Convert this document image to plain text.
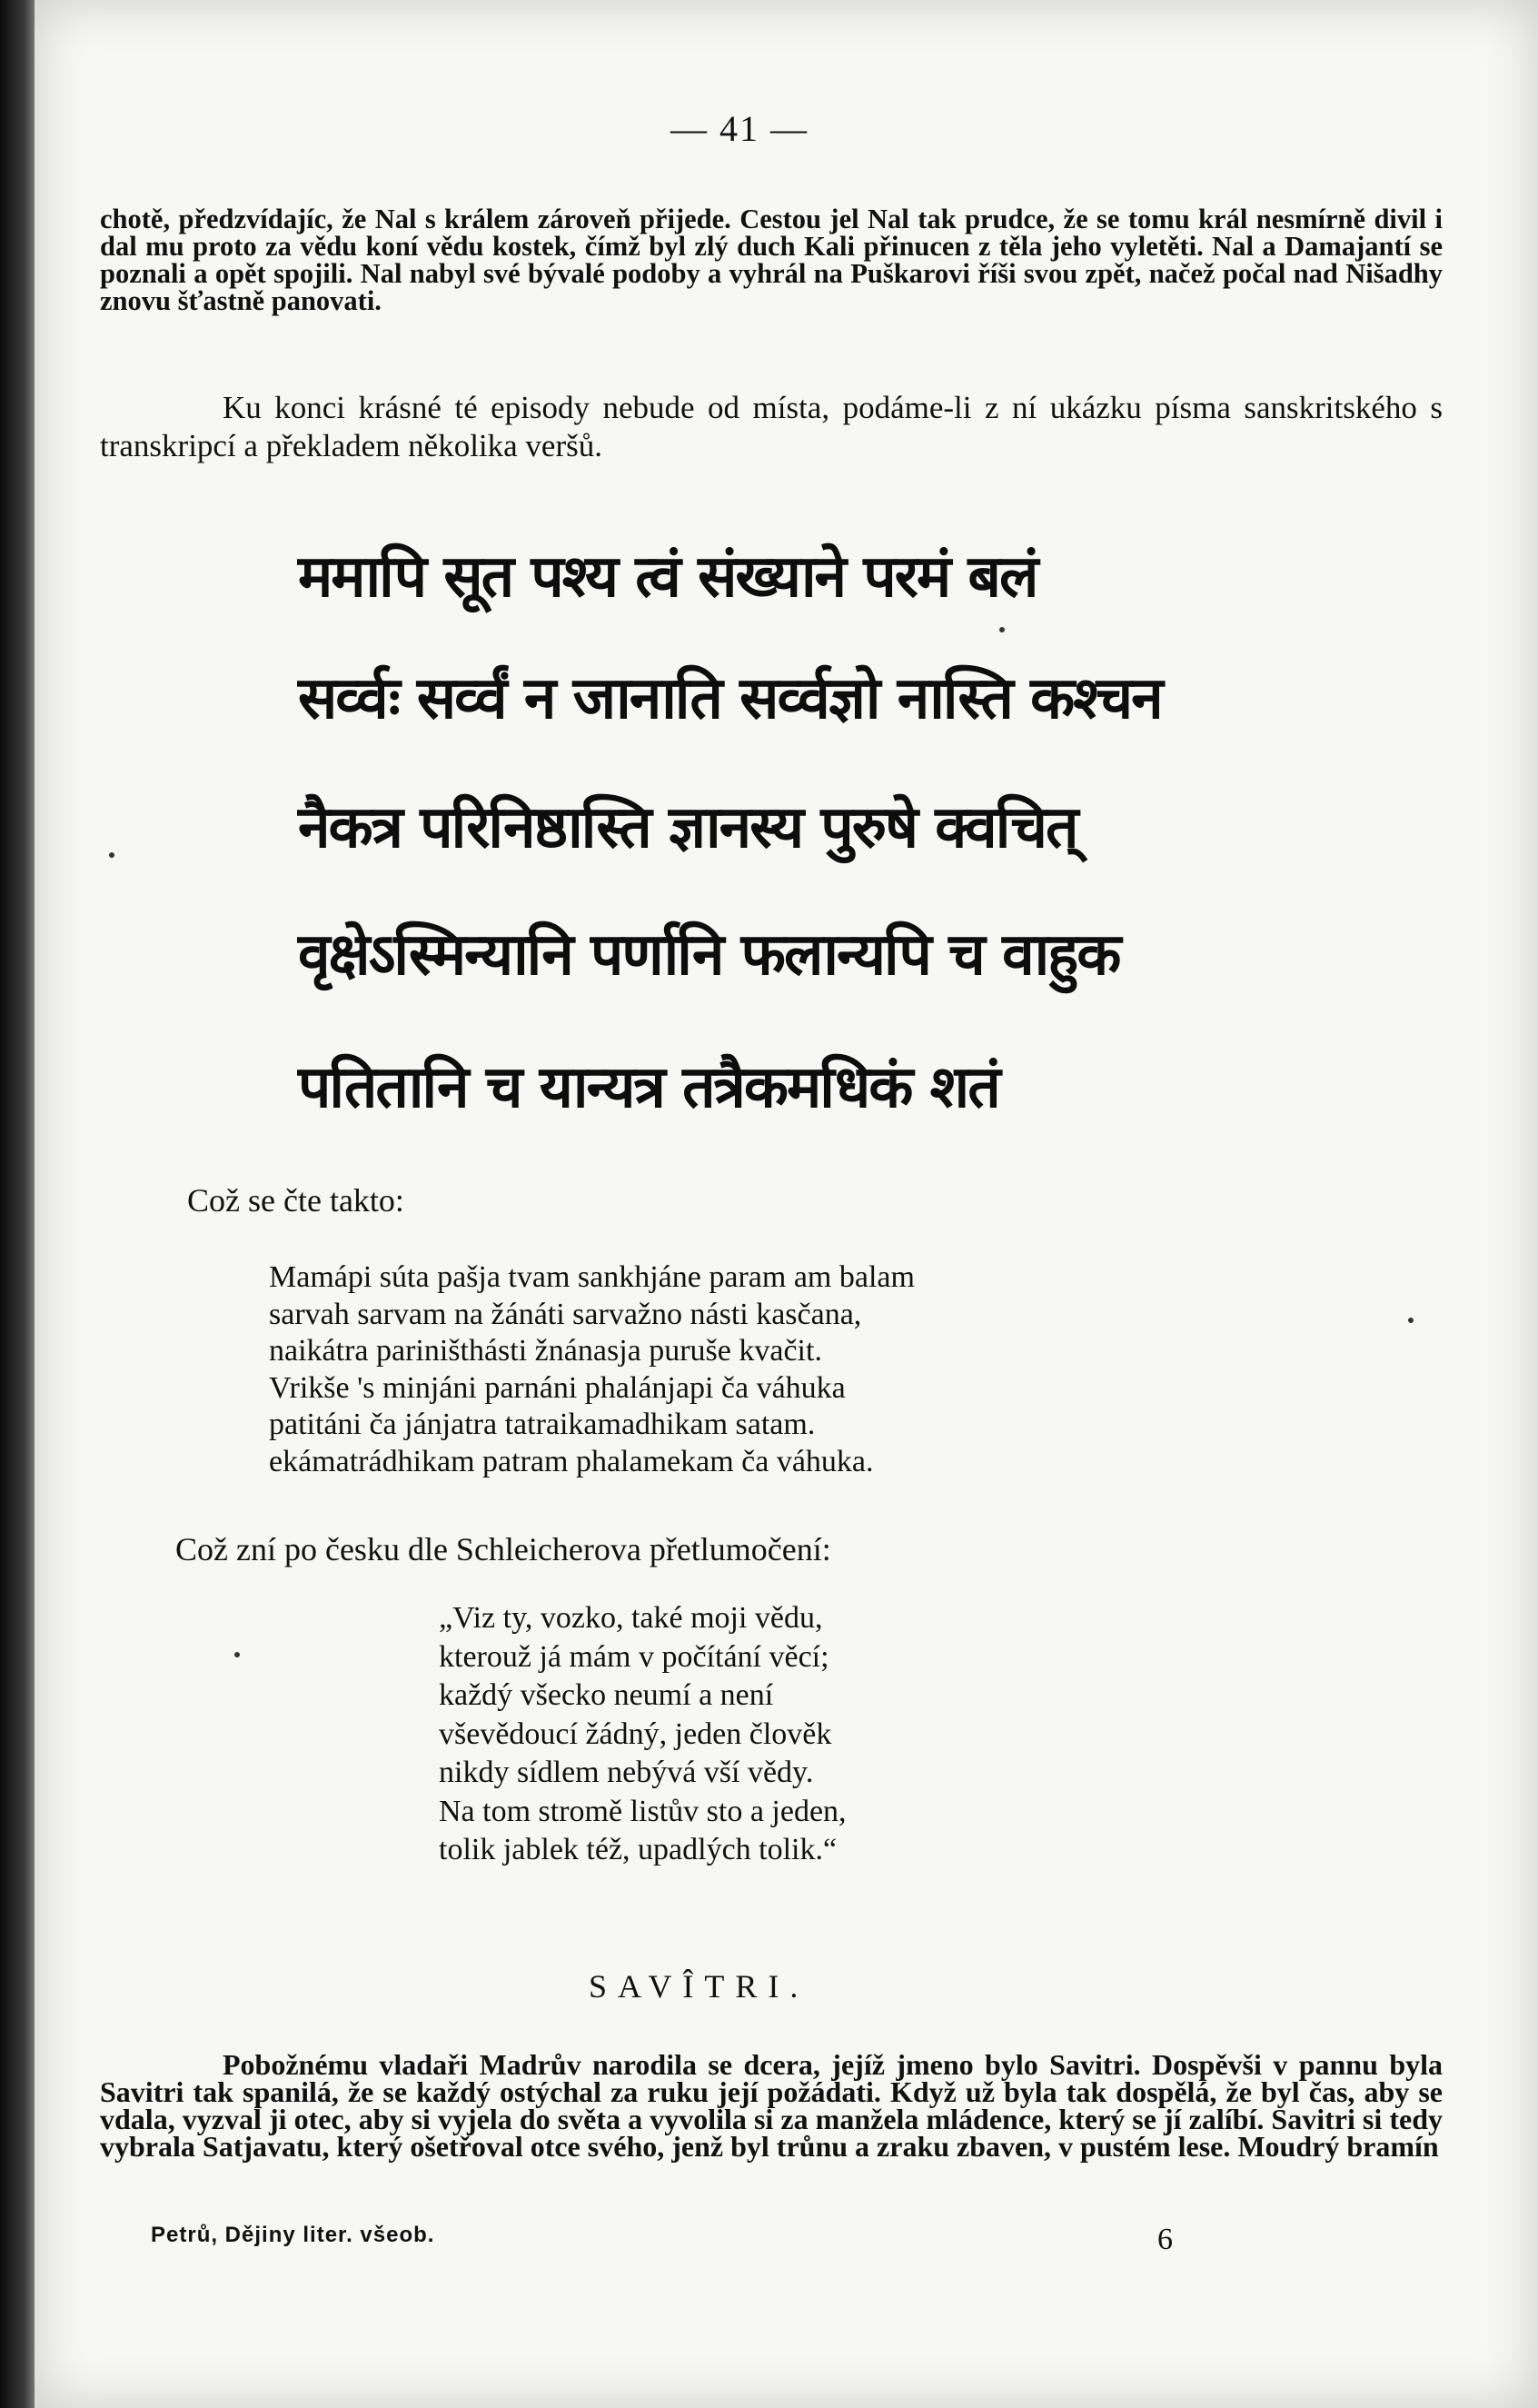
— 41 —

chotě, předzvídajíc, že Nal s králem zároveň přijede. Cestou jel Nal tak prudce, že se tomu král nesmírně divil i dal mu proto za vědu koní vědu kostek, čímž byl zlý duch Kali přinucen z těla jeho vyletěti. Nal a Damajantí se poznali a opět spojili. Nal nabyl své bývalé podoby a vyhrál na Puškarovi říši svou zpět, načež počal nad Nišadhy znovu šťastně panovati.

Ku konci krásné té episody nebude od místa, podáme-li z ní ukázku písma sanskritského s transkripcí a překladem několika veršů.

ममापि सूत पश्य त्वं संख्याने परमं बलं
सर्व्वः सर्व्वं न जानाति सर्व्वज्ञो नास्ति कश्चन
नैकत्र परिनिष्ठास्ति ज्ञानस्य पुरुषे क्वचित्
वृक्षेऽस्मिन्यानि पर्णानि फलान्यपि च वाहुक
पतितानि च यान्यत्र तत्रैकमधिकं शतं
Což se čte takto:
Mamápi súta pašja tvam sankhjáne param am balam
sarvah sarvam na žánáti sarvažno násti kasčana,
naikátra pariništhásti žnánasja puruše kvačit.
Vrikše 's minjáni parnáni phalánjapi ča váhuka
patitáni ča jánjatra tatraikamadhikam satam.
ekámatrádhikam patram phalamekam ča váhuka.
Což zní po česku dle Schleicherova přetlumočení:
„Viz ty, vozko, také moji vědu,
kterouž já mám v počítání věcí;
každý všecko neumí a není
vševědoucí žádný, jeden člověk
nikdy sídlem nebývá vší vědy.
Na tom stromě listův sto a jeden,
tolik jablek též, upadlých tolik.“
SAVÎTRI.

Pobožnému vladaři Madrův narodila se dcera, jejíž jmeno bylo Savitri. Dospěvši v pannu byla Savitri tak spanilá, že se každý ostýchal za ruku její požádati. Když už byla tak dospělá, že byl čas, aby se vdala, vyzval ji otec, aby si vyjela do světa a vyvolila si za manžela mládence, který se jí zalíbí. Savitri si tedy vybrala Satjavatu, který ošetřoval otce svého, jenž byl trůnu a zraku zbaven, v pustém lese. Moudrý bramín

Petrů, Dějiny liter. všeob.	6
